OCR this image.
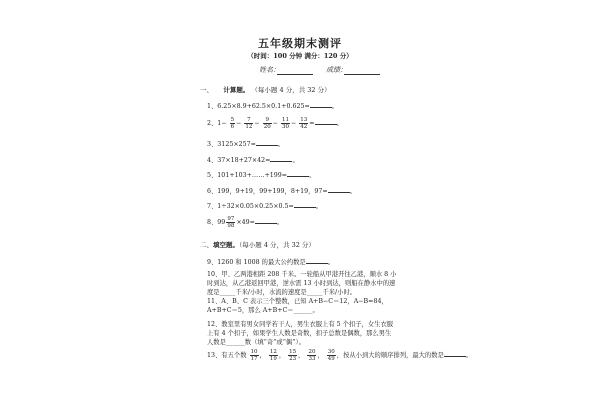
五年级期末测评
（时间：100 分钟 满分：120 分）
姓名：	成绩：
一、 计算题。 （每小题 4 分，共 32 分）
1、6.25×8.9+62.5×0.1+0.625=	。
2、$1- \frac{5}{6} - \frac{7}{12} - \frac{9}{20} - \frac{11}{30} - \frac{13}{42}$ =	。
3、3125×257=	。
4、37×18+27×42=	。
5、101+103+……+199=	。
6、199，9+19，99+199，8+19，97=	。
7、1÷32×0.05×0.25×0.5=	。
8、$99 \frac{97}{98} \times 49=$	。
二、填空题。（每小题 4 分，共 32 分）
9、1260 和 1008 的最大公约数是	。
10、甲、乙两港相距 208 千米。一轮船从甲港开往乙港，顺水 8 小时到达，从乙港返回甲港，逆水需 13 小时到达，则船在静水中的速度是_____千米/小时，水流的速度是_____千米/小时。
11、A、B、C 表示三个整数，已知 A+B−C＝12，A−B=84， A+B+C＝5，那么 A+B+C＝______。
12、教室里有男女同学若干人，男生衣服上有 5 个扣子，女生衣服上有 4 个扣子，如果学生人数是奇数，扣子总数是偶数，那么男生人数是______数（填“奇”或“偶”）。
13、有五个数 $\frac{10}{17}$ ， $\frac{12}{19}$ ， $\frac{15}{23}$ ， $\frac{20}{33}$ ， $\frac{30}{49}$ ，按从小到大的顺序排列，最大的数是	。
